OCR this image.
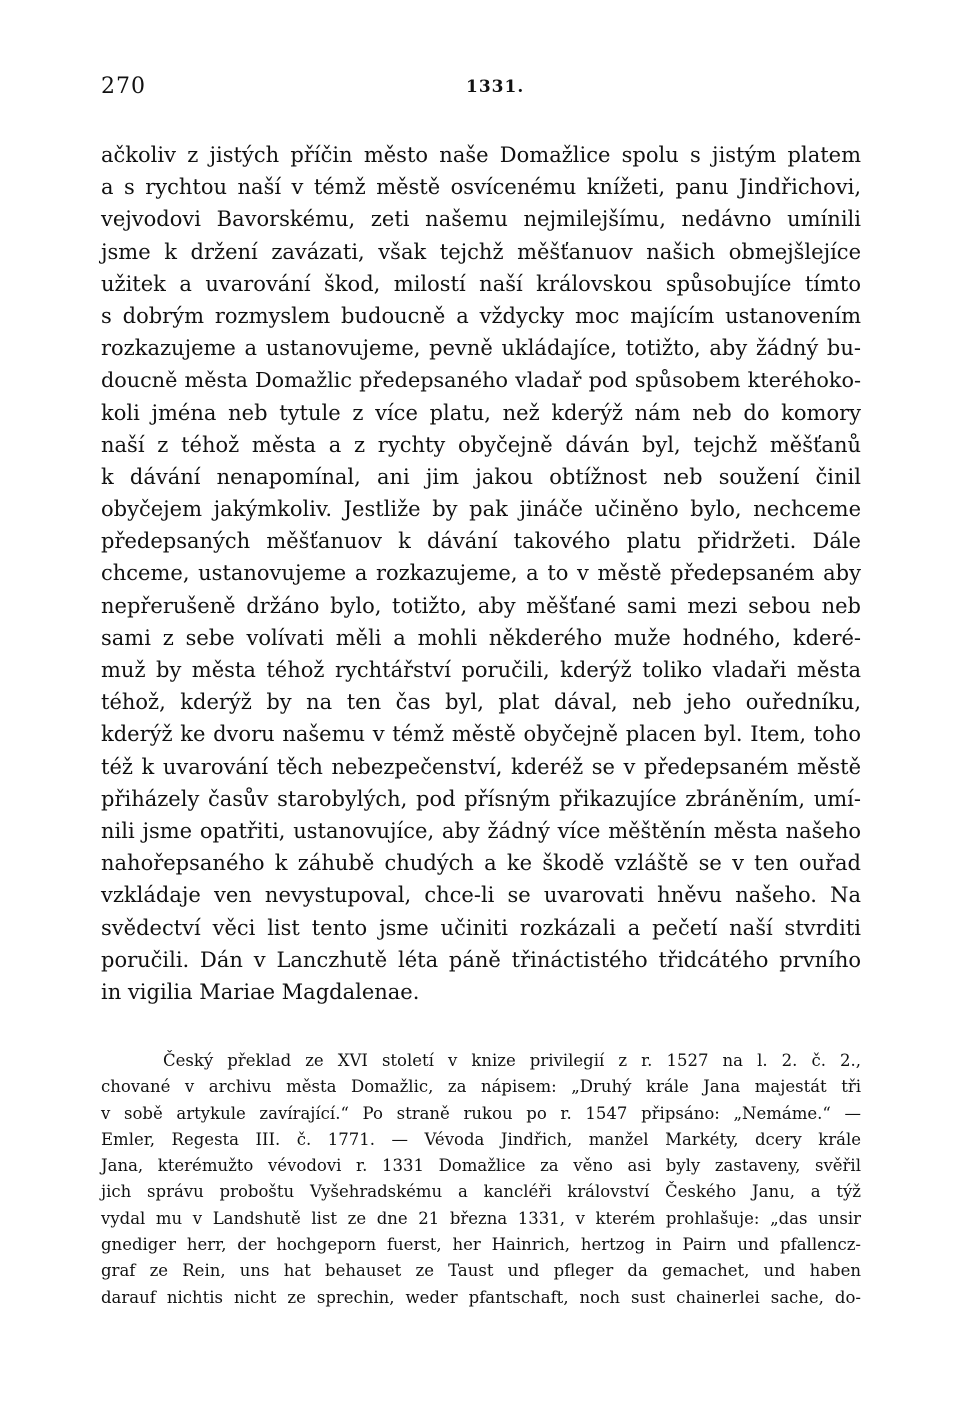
270	1331.
ačkoliv z jistých příčin město naše Domažlice spolu s jistým platem
a s rychtou naší v témž městě osvícenému knížeti, panu Jindřichovi,
vejvodovi Bavorskému, zeti našemu nejmilejšímu, nedávno umínili
jsme k držení zavázati, však tejchž měšťanuov našich obmejšlejíce
užitek a uvarování škod, milostí naší královskou spůsobujíce tímto
s dobrým rozmyslem budoucně a vždycky moc majícím ustanovením
rozkazujeme a ustanovujeme, pevně ukládajíce, totižto, aby žádný bu-
doucně města Domažlic předepsaného vladař pod spůsobem kteréhoko-
koli jména neb tytule z více platu, než kderýž nám neb do komory
naší z téhož města a z rychty obyčejně dáván byl, tejchž měšťanů
k dávání nenapomínal, ani jim jakou obtížnost neb soužení činil
obyčejem jakýmkoliv. Jestliže by pak jináče učiněno bylo, nechceme
předepsaných měšťanuov k dávání takového platu přidržeti. Dále
chceme, ustanovujeme a rozkazujeme, a to v městě předepsaném aby
nepřerušeně držáno bylo, totižto, aby měšťané sami mezi sebou neb
sami z sebe volívati měli a mohli někderého muže hodného, kderé-
muž by města téhož rychtářství poručili, kderýž toliko vladaři města
téhož, kderýž by na ten čas byl, plat dával, neb jeho ouředníku,
kderýž ke dvoru našemu v témž městě obyčejně placen byl. Item, toho
též k uvarování těch nebezpečenství, kderéž se v předepsaném městě
přiházely časův starobylých, pod přísným přikazujíce zbráněním, umí-
nili jsme opatřiti, ustanovujíce, aby žádný více měštěnín města našeho
nahořepsaného k záhubě chudých a ke škodě vzláště se v ten ouřad
vzkládaje ven nevystupoval, chce-li se uvarovati hněvu našeho. Na
svědectví věci list tento jsme učiniti rozkázali a pečetí naší stvrditi
poručili. Dán v Lanczhutě léta páně třináctistého třidcátého prvního
in vigilia Mariae Magdalenae.
Český překlad ze XVI století v knize privilegií z r. 1527 na l. 2. č. 2.,
chované v archivu města Domažlic, za nápisem: „Druhý krále Jana majestát tři
v sobě artykule zavírající.“ Po straně rukou po r. 1547 připsáno: „Nemáme.“ —
Emler, Regesta III. č. 1771. — Vévoda Jindřich, manžel Markéty, dcery krále
Jana, kterémužto vévodovi r. 1331 Domažlice za věno asi byly zastaveny, svěřil
jich správu proboštu Vyšehradskému a kancléři království Českého Janu, a týž
vydal mu v Landshutě list ze dne 21 března 1331, v kterém prohlašuje: „das unsir
gnediger herr, der hochgeporn fuerst, her Hainrich, hertzog in Pairn und pfallencz-
graf ze Rein, uns hat behauset ze Taust und pfleger da gemachet, und haben
darauf nichtis nicht ze sprechin, weder pfantschaft, noch sust chainerlei sache, do-
